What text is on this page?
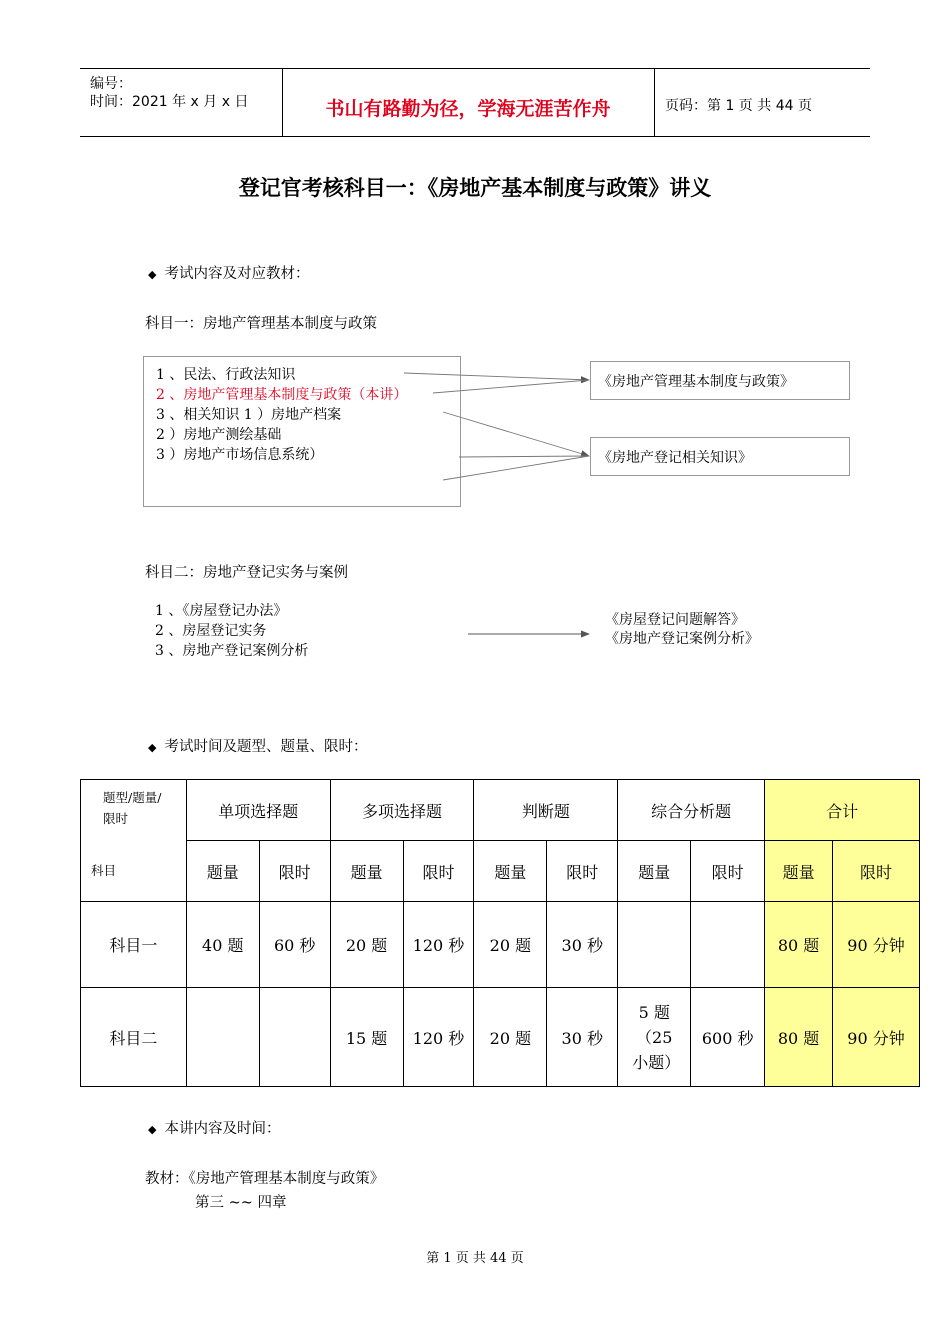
编号：
时间：2021 年 x 月 x 日	书山有路勤为径，学海无涯苦作舟	页码：第 1 页 共 44 页
登记官考核科目一：《房地产基本制度与政策》讲义
◆ 考试内容及对应教材：
科目一：房地产管理基本制度与政策
1 、民法、行政法知识
2 、房地产管理基本制度与政策（本讲）
3 、相关知识 1 ）房地产档案
2 ）房地产测绘基础
3 ）房地产市场信息系统）
《房地产管理基本制度与政策》
《房地产登记相关知识》
科目二：房地产登记实务与案例
1 、《房屋登记办法》
2 、房屋登记实务
3 、房地产登记案例分析
《房屋登记问题解答》
《房地产登记案例分析》
◆ 考试时间及题型、题量、限时：
题型/题量/
限时
科目	单项选择题		多项选择题		判断题		综合分析题		合计	
	题量	限时	题量	限时	题量	限时	题量	限时	题量	限时
科目一	40 题	60 秒	20 题	120 秒	20 题	30 秒			80 题	90 分钟
科目二			15 题	120 秒	20 题	30 秒	5 题（25 小题）	600 秒	80 题	90 分钟
◆ 本讲内容及时间：
教材：《房地产管理基本制度与政策》
第三 ~~ 四章
第 1 页 共 44 页
